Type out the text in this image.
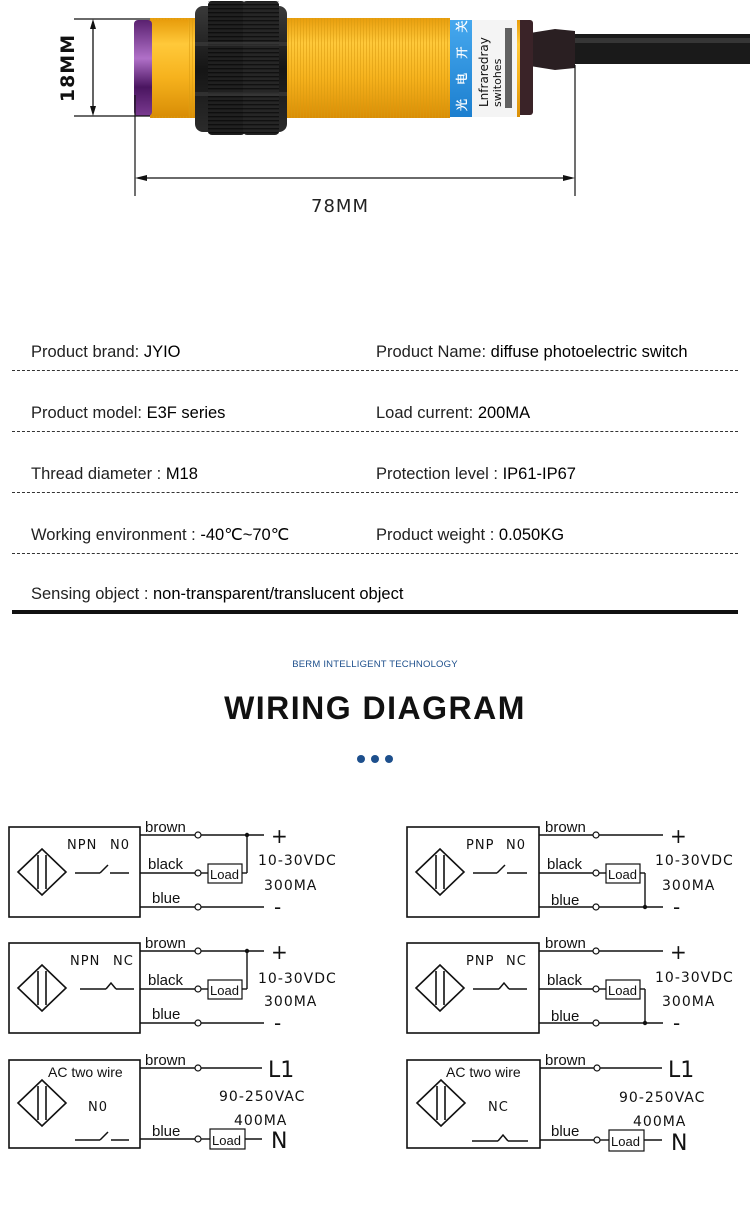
光 电 开 关 Lnfraredray switohes
18MM
78MM
Product brand: JYIO	Product Name: diffuse photoelectric switch
Product model: E3F series	Load current: 200MA
Thread diameter : M18	Protection level : IP61-IP67
Working environment : -40℃~70℃	Product weight : 0.050KG
Sensing object : non-transparent/translucent object
BERM INTELLIGENT TECHNOLOGY
WIRING DIAGRAM
NPN N0
brown
black
Load
blue
+
10-30VDC
300MA
-
NPN NC
brown
black
Load
blue
+
10-30VDC
300MA
-
PNP N0
brown
black
Load
blue
+
10-30VDC
300MA
-
PNP NC
brown
black
Load
blue
+
10-30VDC
300MA
-
AC two wire
N0
brown
blue
Load
L1
90-250VAC
400MA
N
AC two wire
NC
brown
blue
Load
L1
90-250VAC
400MA
N
